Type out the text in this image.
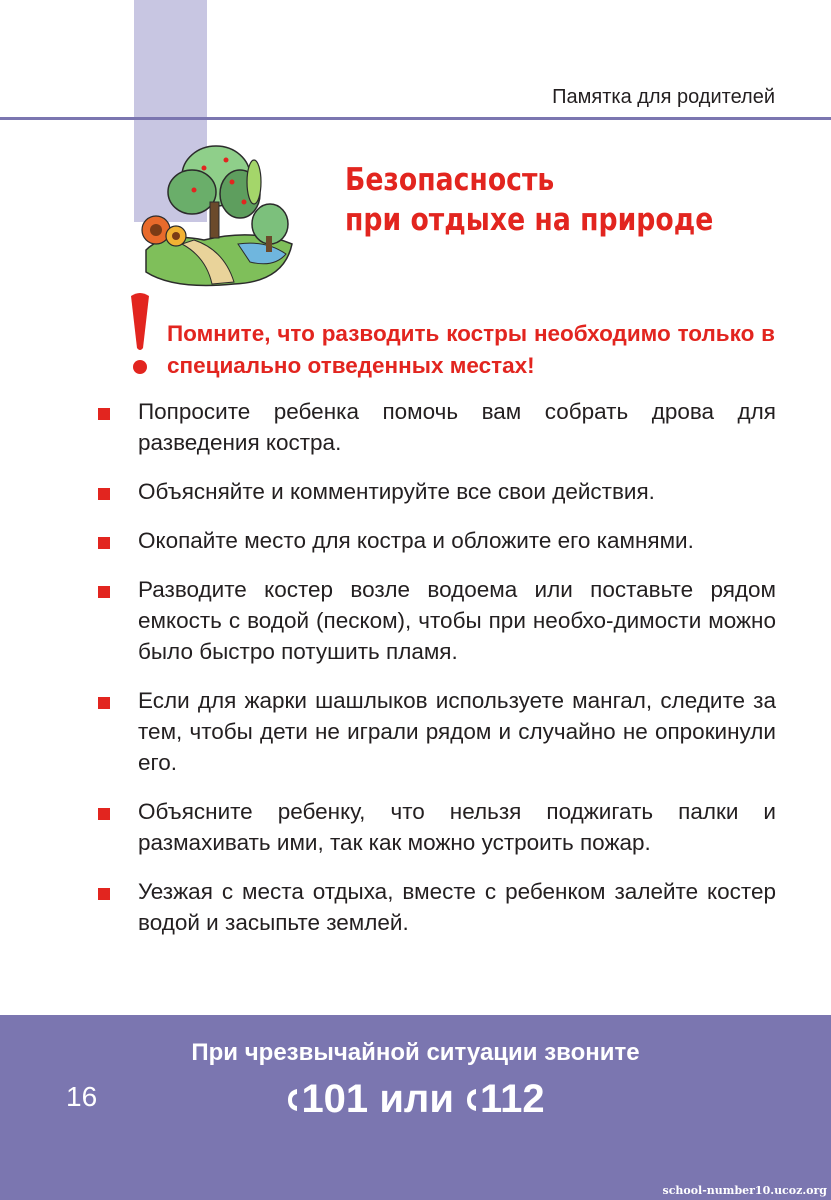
Памятка для родителей
Безопасность
при отдыхе на природе

Помните, что разводить костры необходимо только в специально отведенных местах!

Попросите ребенка помочь вам собрать дрова для разведения костра.
Объясняйте и комментируйте все свои действия.
Окопайте место для костра и обложите его камнями.
Разводите костер возле водоема или поставьте рядом емкость с водой (песком), чтобы при необхо-димости можно было быстро потушить пламя.
Если для жарки шашлыков используете мангал, следите за тем, чтобы дети не играли рядом и случайно не опрокинули его.
Объясните ребенку, что нельзя поджигать палки и размахивать ими, так как можно устроить пожар.
Уезжая с места отдыха, вместе с ребенком залейте костер водой и засыпьте землей.
При чрезвычайной ситуации звоните
101 или 112
16
school-number10.ucoz.org
